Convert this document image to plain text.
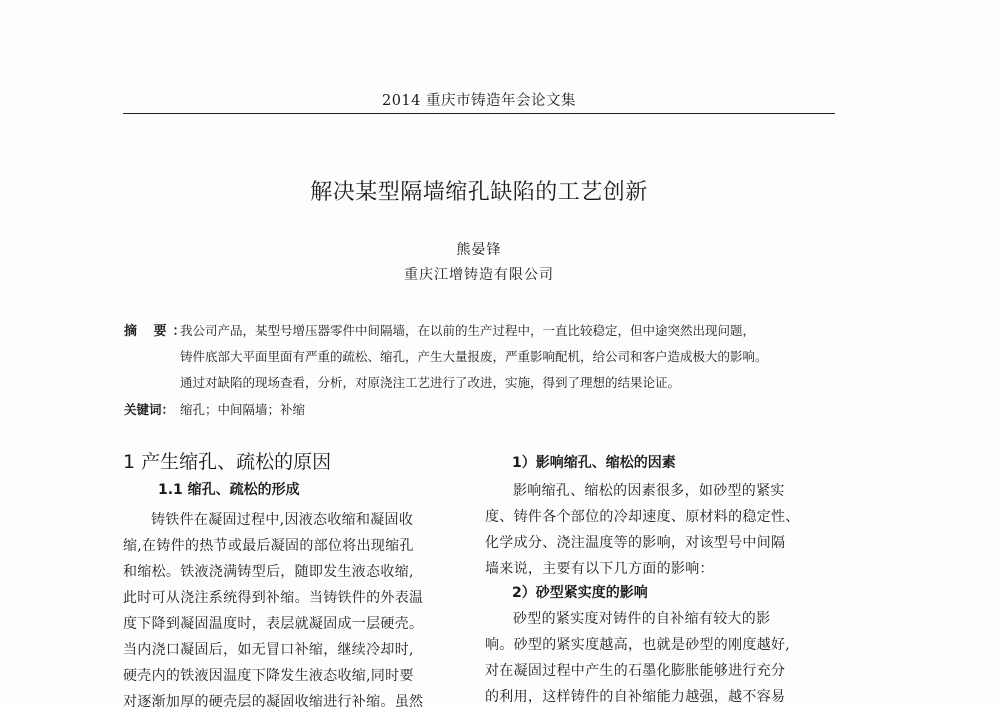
2014 重庆市铸造年会论文集
解决某型隔墙缩孔缺陷的工艺创新
熊晏锋
重庆江增铸造有限公司
摘 要：
我公司产品，某型号增压器零件中间隔墙，在以前的生产过程中，一直比较稳定，但中途突然出现问题，
铸件底部大平面里面有严重的疏松、缩孔，产生大量报废，严重影响配机，给公司和客户造成极大的影响。
通过对缺陷的现场查看，分析，对原浇注工艺进行了改进，实施，得到了理想的结果论证。
关键词： 缩孔；中间隔墙；补缩
1 产生缩孔、疏松的原因
1.1 缩孔、疏松的形成
铸铁件在凝固过程中,因液态收缩和凝固收
缩,在铸件的热节或最后凝固的部位将出现缩孔
和缩松。铁液浇满铸型后，随即发生液态收缩,
此时可从浇注系统得到补缩。当铸铁件的外表温
度下降到凝固温度时，表层就凝固成一层硬壳。
当内浇口凝固后，如无冒口补缩，继续冷却时,
硬壳内的铁液因温度下降发生液态收缩,同时要
对逐渐加厚的硬壳层的凝固收缩进行补缩。虽然
1）影响缩孔、缩松的因素
影响缩孔、缩松的因素很多，如砂型的紧实
度、铸件各个部位的冷却速度、原材料的稳定性、
化学成分、浇注温度等的影响，对该型号中间隔
墙来说，主要有以下几方面的影响：
2）砂型紧实度的影响
砂型的紧实度对铸件的自补缩有较大的影
响。砂型的紧实度越高，也就是砂型的刚度越好,
对在凝固过程中产生的石墨化膨胀能够进行充分
的利用，这样铸件的自补缩能力越强，越不容易
